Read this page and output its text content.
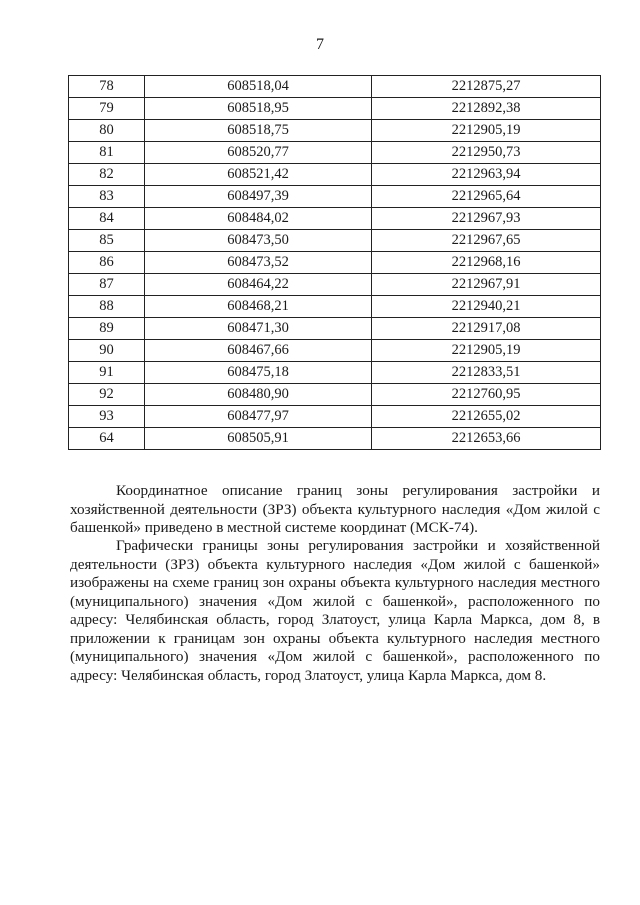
7
78	608518,04	2212875,27
79	608518,95	2212892,38
80	608518,75	2212905,19
81	608520,77	2212950,73
82	608521,42	2212963,94
83	608497,39	2212965,64
84	608484,02	2212967,93
85	608473,50	2212967,65
86	608473,52	2212968,16
87	608464,22	2212967,91
88	608468,21	2212940,21
89	608471,30	2212917,08
90	608467,66	2212905,19
91	608475,18	2212833,51
92	608480,90	2212760,95
93	608477,97	2212655,02
64	608505,91	2212653,66

Координатное описание границ зоны регулирования застройки и хозяйственной деятельности (ЗРЗ) объекта культурного наследия «Дом жилой с башенкой» приведено в местной системе координат (МСК-74).

Графически границы зоны регулирования застройки и хозяйственной деятельности (ЗРЗ) объекта культурного наследия «Дом жилой с башенкой» изображены на схеме границ зон охраны объекта культурного наследия местного (муниципального) значения «Дом жилой с башенкой», расположенного по адресу: Челябинская область, город Златоуст, улица Карла Маркса, дом 8, в приложении к границам зон охраны объекта культурного наследия местного (муниципального) значения «Дом жилой с башенкой», расположенного по адресу: Челябинская область, город Златоуст, улица Карла Маркса, дом 8.
